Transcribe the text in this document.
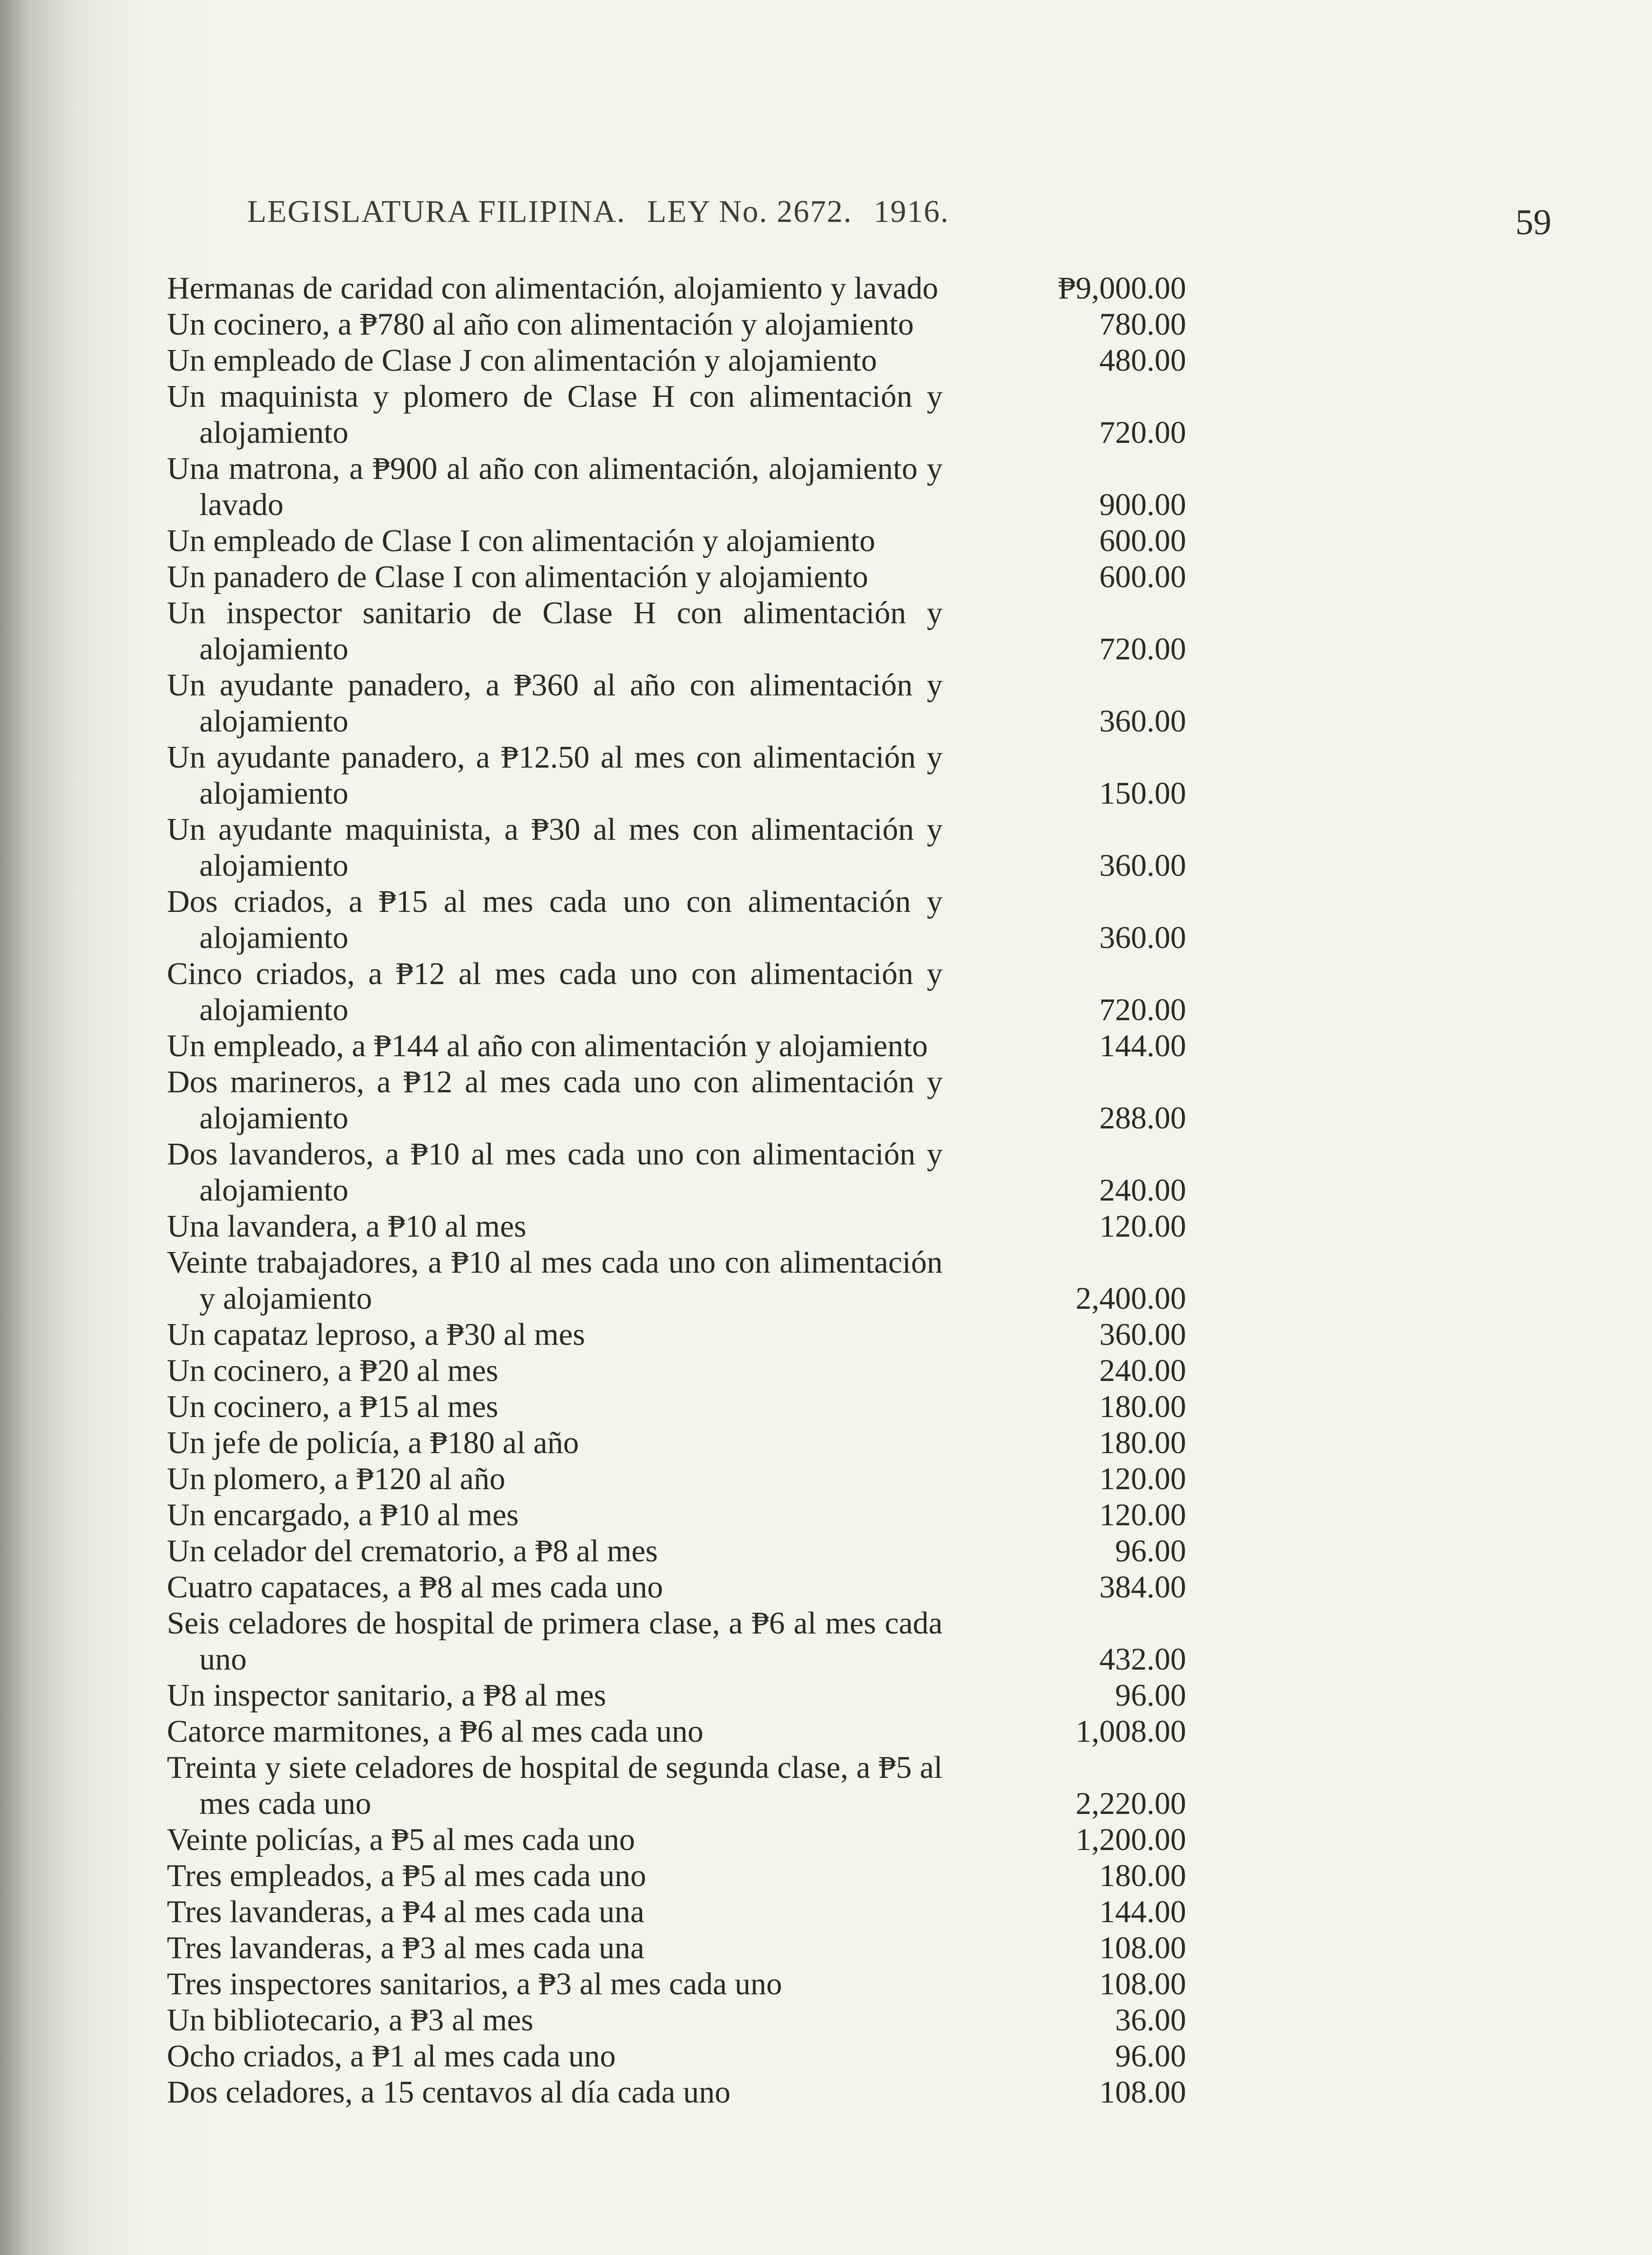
LEGISLATURA FILIPINA. LEY No. 2672. 1916.	59
Hermanas de caridad con alimentación, alojamiento y lavado	₱9,000.00
Un cocinero, a ₱780 al año con alimentación y alojamiento	780.00
Un empleado de Clase J con alimentación y alojamiento	480.00
Un maquinista y plomero de Clase H con alimentación y alojamiento	720.00
Una matrona, a ₱900 al año con alimentación, alojamiento y lavado	900.00
Un empleado de Clase I con alimentación y alojamiento	600.00
Un panadero de Clase I con alimentación y alojamiento	600.00
Un inspector sanitario de Clase H con alimentación y alojamiento	720.00
Un ayudante panadero, a ₱360 al año con alimentación y alojamiento	360.00
Un ayudante panadero, a ₱12.50 al mes con alimentación y alojamiento	150.00
Un ayudante maquinista, a ₱30 al mes con alimentación y alojamiento	360.00
Dos criados, a ₱15 al mes cada uno con alimentación y alojamiento	360.00
Cinco criados, a ₱12 al mes cada uno con alimentación y alojamiento	720.00
Un empleado, a ₱144 al año con alimentación y alojamiento	144.00
Dos marineros, a ₱12 al mes cada uno con alimentación y alojamiento	288.00
Dos lavanderos, a ₱10 al mes cada uno con alimentación y alojamiento	240.00
Una lavandera, a ₱10 al mes	120.00
Veinte trabajadores, a ₱10 al mes cada uno con alimentación y alojamiento	2,400.00
Un capataz leproso, a ₱30 al mes	360.00
Un cocinero, a ₱20 al mes	240.00
Un cocinero, a ₱15 al mes	180.00
Un jefe de policía, a ₱180 al año	180.00
Un plomero, a ₱120 al año	120.00
Un encargado, a ₱10 al mes	120.00
Un celador del crematorio, a ₱8 al mes	96.00
Cuatro capataces, a ₱8 al mes cada uno	384.00
Seis celadores de hospital de primera clase, a ₱6 al mes cada uno	432.00
Un inspector sanitario, a ₱8 al mes	96.00
Catorce marmitones, a ₱6 al mes cada uno	1,008.00
Treinta y siete celadores de hospital de segunda clase, a ₱5 al mes cada uno	2,220.00
Veinte policías, a ₱5 al mes cada uno	1,200.00
Tres empleados, a ₱5 al mes cada uno	180.00
Tres lavanderas, a ₱4 al mes cada una	144.00
Tres lavanderas, a ₱3 al mes cada una	108.00
Tres inspectores sanitarios, a ₱3 al mes cada uno	108.00
Un bibliotecario, a ₱3 al mes	36.00
Ocho criados, a ₱1 al mes cada uno	96.00
Dos celadores, a 15 centavos al día cada uno	108.00
